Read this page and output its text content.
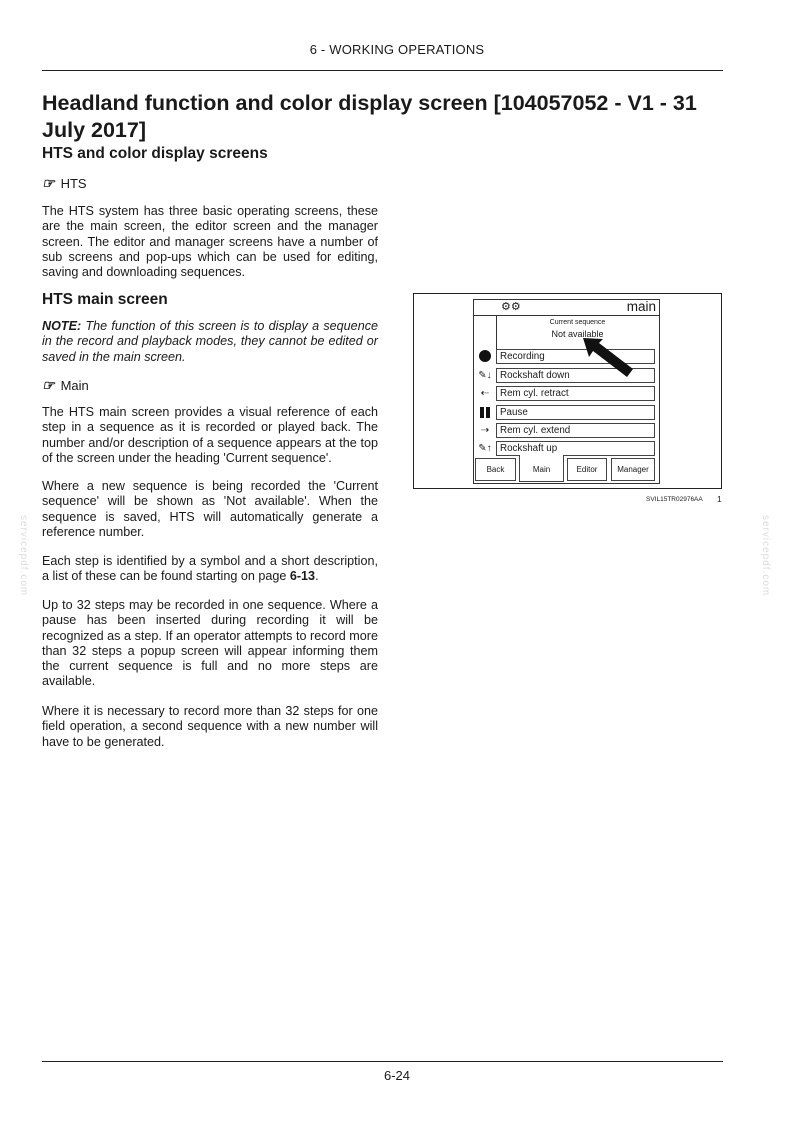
6 - WORKING OPERATIONS
Headland function and color display screen [104057052 - V1 - 31 July 2017]
HTS and color display screens
☞ HTS

The HTS system has three basic operating screens, these are the main screen, the editor screen and the manager screen. The editor and manager screens have a number of sub screens and pop-ups which can be used for editing, saving and downloading sequences.

HTS main screen

NOTE: The function of this screen is to display a sequence in the record and playback modes, they cannot be edited or saved in the main screen.

☞ Main

The HTS main screen provides a visual reference of each step in a sequence as it is recorded or played back. The number and/or description of a sequence appears at the top of the screen under the heading 'Current sequence'.

Where a new sequence is being recorded the 'Current sequence' will be shown as 'Not available'. When the sequence is saved, HTS will automatically generate a reference number.

Each step is identified by a symbol and a short description, a list of these can be found starting on page 6-13.

Up to 32 steps may be recorded in one sequence. Where a pause has been inserted during recording it will be recognized as a step. If an operator attempts to record more than 32 steps a popup screen will appear informing them the current sequence is full and no more steps are available.

Where it is necessary to record more than 32 steps for one field operation, a second sequence with a new number will have to be generated.

⚙⚙	main
Current sequence
Not available
Recording
✎↓ Rockshaft down
⇠	Rem cyl. retract
Pause
⇢	Rem cyl. extend
✎↑ Rockshaft up
Back	Main	Editor	Manager
SVIL15TR02976AA 1
servicepdf.com	servicepdf.com
6-24
